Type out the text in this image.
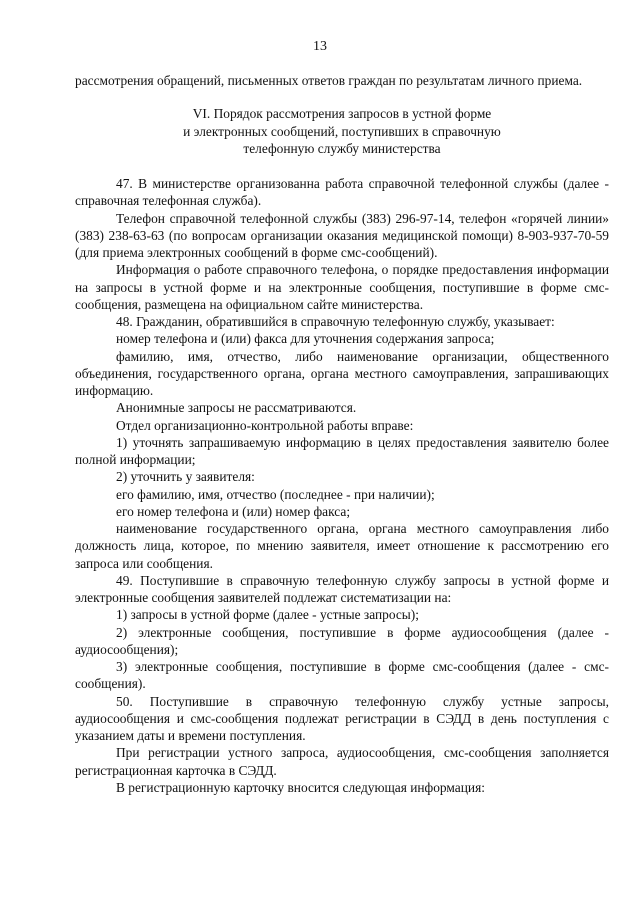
13

рассмотрения обращений, письменных ответов граждан по результатам личного приема.

VI. Порядок рассмотрения запросов в устной форме
и электронных сообщений, поступивших в справочную
телефонную службу министерства

47. В министерстве организованна работа справочной телефонной службы (далее - справочная телефонная служба).

Телефон справочной телефонной службы (383) 296-97-14, телефон «горячей линии» (383) 238-63-63 (по вопросам организации оказания медицинской помощи) 8-903-937-70-59 (для приема электронных сообщений в форме смс-сообщений).

Информация о работе справочного телефона, о порядке предоставления информации на запросы в устной форме и на электронные сообщения, поступившие в форме смс-сообщения, размещена на официальном сайте министерства.

48. Гражданин, обратившийся в справочную телефонную службу, указывает:

номер телефона и (или) факса для уточнения содержания запроса;

фамилию, имя, отчество, либо наименование организации, общественного объединения, государственного органа, органа местного самоуправления, запрашивающих информацию.

Анонимные запросы не рассматриваются.

Отдел организационно-контрольной работы вправе:

1) уточнять запрашиваемую информацию в целях предоставления заявителю более полной информации;

2) уточнить у заявителя:

его фамилию, имя, отчество (последнее - при наличии);

его номер телефона и (или) номер факса;

наименование государственного органа, органа местного самоуправления либо должность лица, которое, по мнению заявителя, имеет отношение к рассмотрению его запроса или сообщения.

49. Поступившие в справочную телефонную службу запросы в устной форме и электронные сообщения заявителей подлежат систематизации на:

1) запросы в устной форме (далее - устные запросы);

2) электронные сообщения, поступившие в форме аудиосообщения (далее - аудиосообщения);

3) электронные сообщения, поступившие в форме смс-сообщения (далее - смс-сообщения).

50. Поступившие в справочную телефонную службу устные запросы, аудиосообщения и смс-сообщения подлежат регистрации в СЭДД в день поступления с указанием даты и времени поступления.

При регистрации устного запроса, аудиосообщения, смс-сообщения заполняется регистрационная карточка в СЭДД.

В регистрационную карточку вносится следующая информация:
